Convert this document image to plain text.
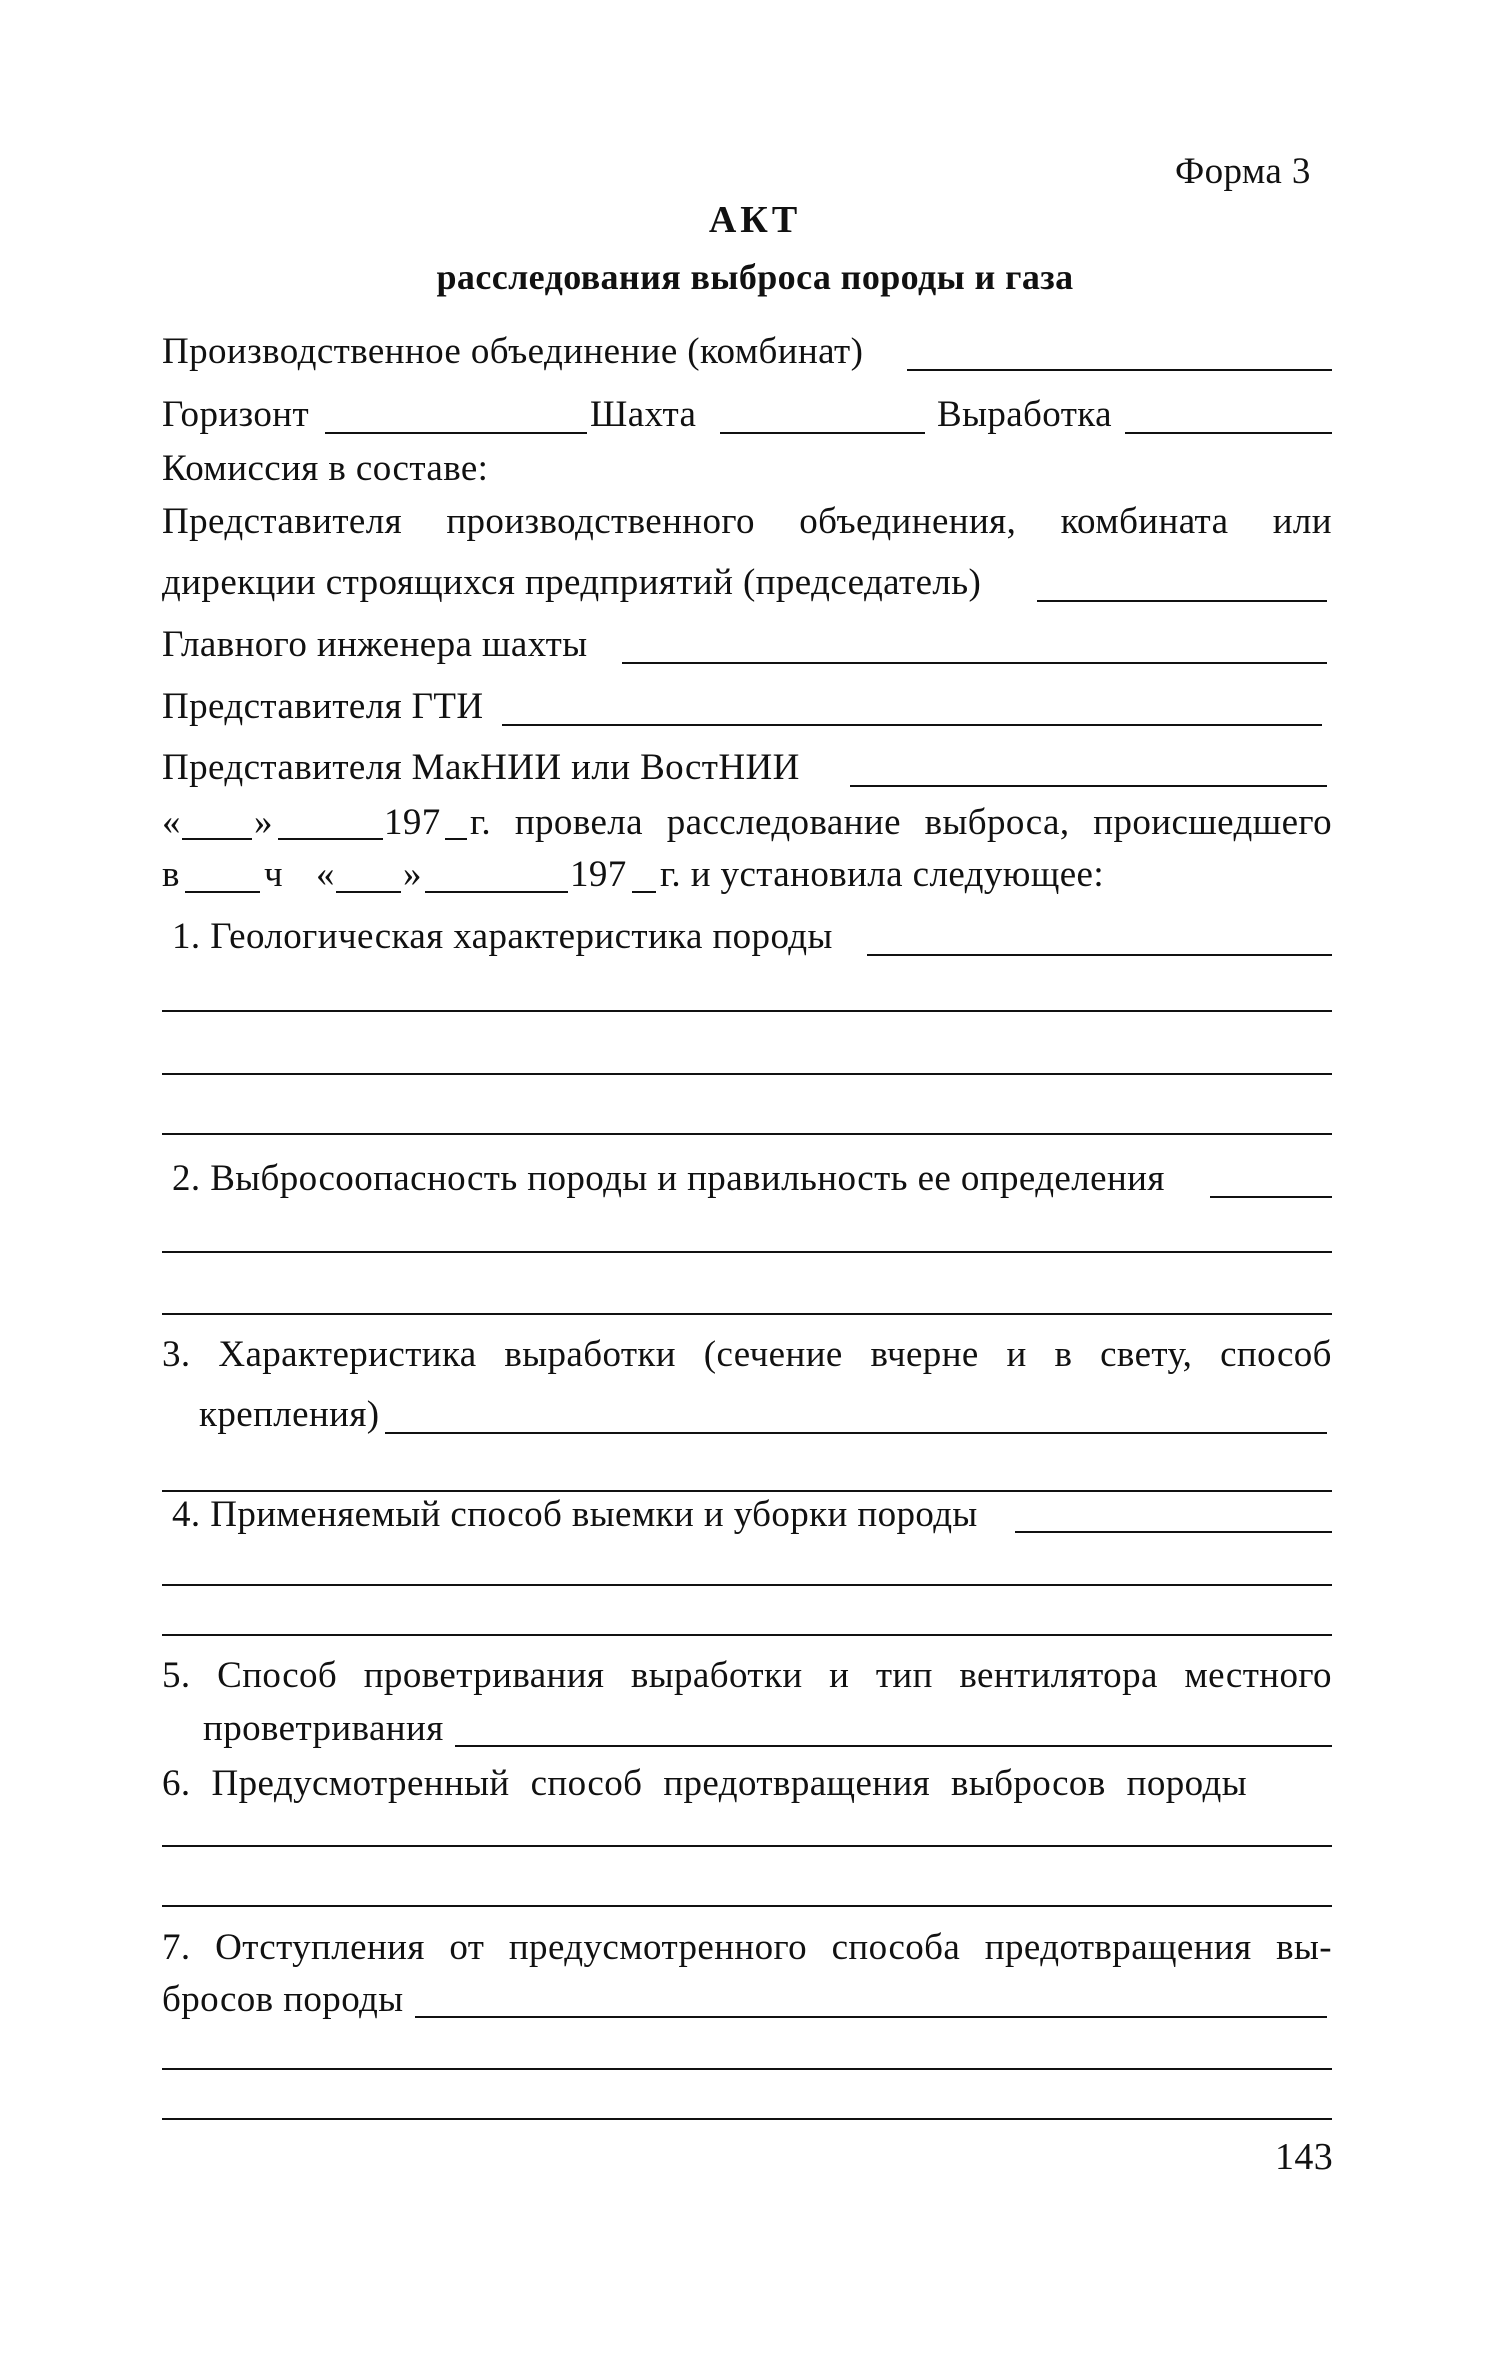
Форма 3
АКТ
расследования выброса породы и газа
Производственное объединение (комбинат)
Горизонт	Шахта	Выработка
Комиссия в составе:
Представителя производственного объединения, комбината или
дирекции строящихся предприятий (председатель)
Главного инженера шахты
Представителя ГТИ
Представителя МакНИИ или ВостНИИ
« »	197 г. провела расследование выброса, происшедшего
в ч « »	197 г. и установила следующее:
1. Геологическая характеристика породы
2. Выбросоопасность породы и правильность ее определения
3. Характеристика выработки (сечение вчерне и в свету, способ
крепления)
4. Применяемый способ выемки и уборки породы
5. Способ проветривания выработки и тип вентилятора местного
проветривания
6. Предусмотренный способ предотвращения выбросов породы
7. Отступления от предусмотренного способа предотвращения вы-
бросов породы
143
